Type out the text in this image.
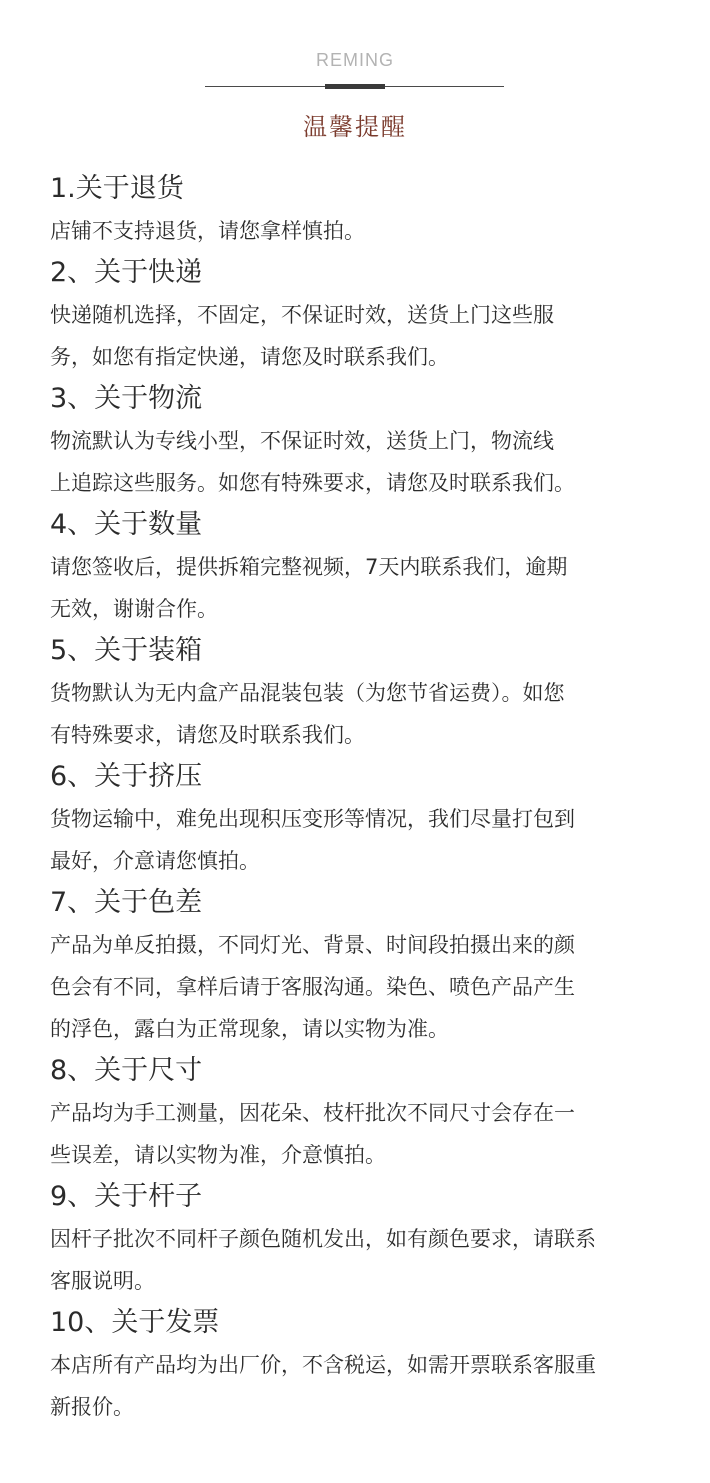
REMING
温馨提醒
1.关于退货
店铺不支持退货，请您拿样慎拍。
2、关于快递
快递随机选择，不固定，不保证时效，送货上门这些服
务，如您有指定快递，请您及时联系我们。
3、关于物流
物流默认为专线小型，不保证时效，送货上门，物流线
上追踪这些服务。如您有特殊要求，请您及时联系我们。
4、关于数量
请您签收后，提供拆箱完整视频，7天内联系我们，逾期
无效，谢谢合作。
5、关于装箱
货物默认为无内盒产品混装包装（为您节省运费）。如您
有特殊要求，请您及时联系我们。
6、关于挤压
货物运输中，难免出现积压变形等情况，我们尽量打包到
最好，介意请您慎拍。
7、关于色差
产品为单反拍摄，不同灯光、背景、时间段拍摄出来的颜
色会有不同，拿样后请于客服沟通。染色、喷色产品产生
的浮色，露白为正常现象，请以实物为准。
8、关于尺寸
产品均为手工测量，因花朵、枝杆批次不同尺寸会存在一
些误差，请以实物为准，介意慎拍。
9、关于杆子
因杆子批次不同杆子颜色随机发出，如有颜色要求，请联系
客服说明。
10、关于发票
本店所有产品均为出厂价，不含税运，如需开票联系客服重
新报价。
